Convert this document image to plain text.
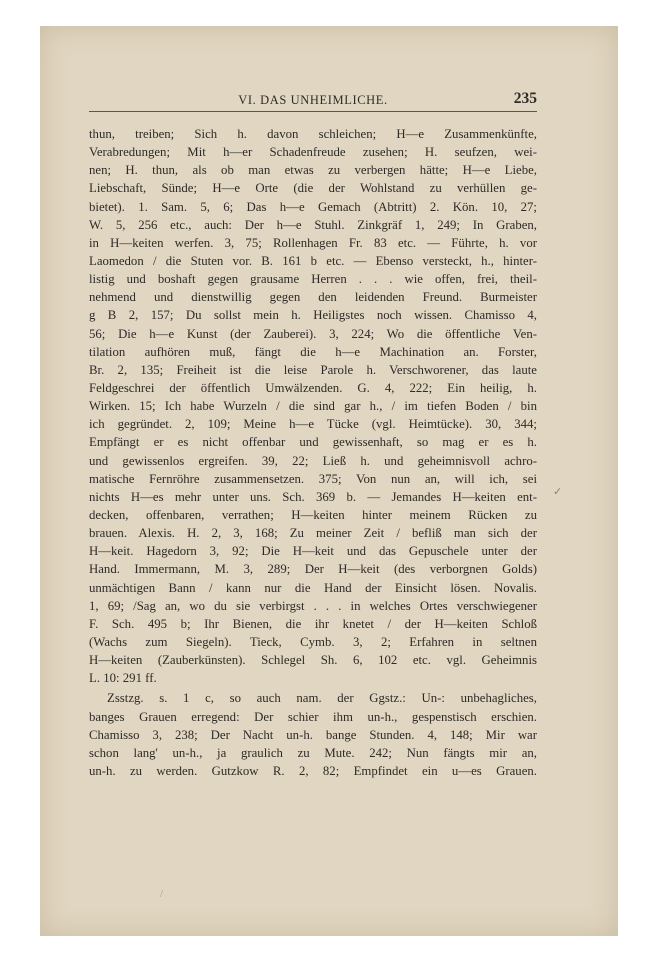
VI. DAS UNHEIMLICHE.	235
thun, treiben; Sich h. davon schleichen; H—e Zusammenkünfte,
Verabredungen; Mit h—er Schadenfreude zusehen; H. seufzen, wei-
nen; H. thun, als ob man etwas zu verbergen hätte; H—e Liebe,
Liebschaft, Sünde; H—e Orte (die der Wohlstand zu verhüllen ge-
bietet). 1. Sam. 5, 6; Das h—e Gemach (Abtritt) 2. Kön. 10, 27;
W. 5, 256 etc., auch: Der h—e Stuhl. Zinkgräf 1, 249; In Graben,
in H—keiten werfen. 3, 75; Rollenhagen Fr. 83 etc. — Führte, h. vor
Laomedon / die Stuten vor. B. 161 b etc. — Ebenso versteckt, h., hinter-
listig und boshaft gegen grausame Herren . . . wie offen, frei, theil-
nehmend und dienstwillig gegen den leidenden Freund. Burmeister
g B 2, 157; Du sollst mein h. Heiligstes noch wissen. Chamisso 4,
56; Die h—e Kunst (der Zauberei). 3, 224; Wo die öffentliche Ven-
tilation aufhören muß, fängt die h—e Machination an. Forster,
Br. 2, 135; Freiheit ist die leise Parole h. Verschworener, das laute
Feldgeschrei der öffentlich Umwälzenden. G. 4, 222; Ein heilig, h.
Wirken. 15; Ich habe Wurzeln / die sind gar h., / im tiefen Boden / bin
ich gegründet. 2, 109; Meine h—e Tücke (vgl. Heimtücke). 30, 344;
Empfängt er es nicht offenbar und gewissenhaft, so mag er es h.
und gewissenlos ergreifen. 39, 22; Ließ h. und geheimnisvoll achro-
matische Fernröhre zusammensetzen. 375; Von nun an, will ich, sei
nichts H—es mehr unter uns. Sch. 369 b. — Jemandes H—keiten ent-
decken, offenbaren, verrathen; H—keiten hinter meinem Rücken zu
brauen. Alexis. H. 2, 3, 168; Zu meiner Zeit / befliß man sich der
H—keit. Hagedorn 3, 92; Die H—keit und das Gepuschele unter der
Hand. Immermann, M. 3, 289; Der H—keit (des verborgnen Golds)
unmächtigen Bann / kann nur die Hand der Einsicht lösen. Novalis.
1, 69; /Sag an, wo du sie verbirgst . . . in welches Ortes verschwiegener
F. Sch. 495 b; Ihr Bienen, die ihr knetet / der H—keiten Schloß
(Wachs zum Siegeln). Tieck, Cymb. 3, 2; Erfahren in seltnen
H—keiten (Zauberkünsten). Schlegel Sh. 6, 102 etc. vgl. Geheimnis
L. 10: 291 ff.
Zsstzg. s. 1 c, so auch nam. der Ggstz.: Un-: unbehagliches,
banges Grauen erregend: Der schier ihm un-h., gespenstisch erschien.
Chamisso 3, 238; Der Nacht un-h. bange Stunden. 4, 148; Mir war
schon lang' un-h., ja graulich zu Mute. 242; Nun fängts mir an,
un-h. zu werden. Gutzkow R. 2, 82; Empfindet ein u—es Grauen.
✓
/
